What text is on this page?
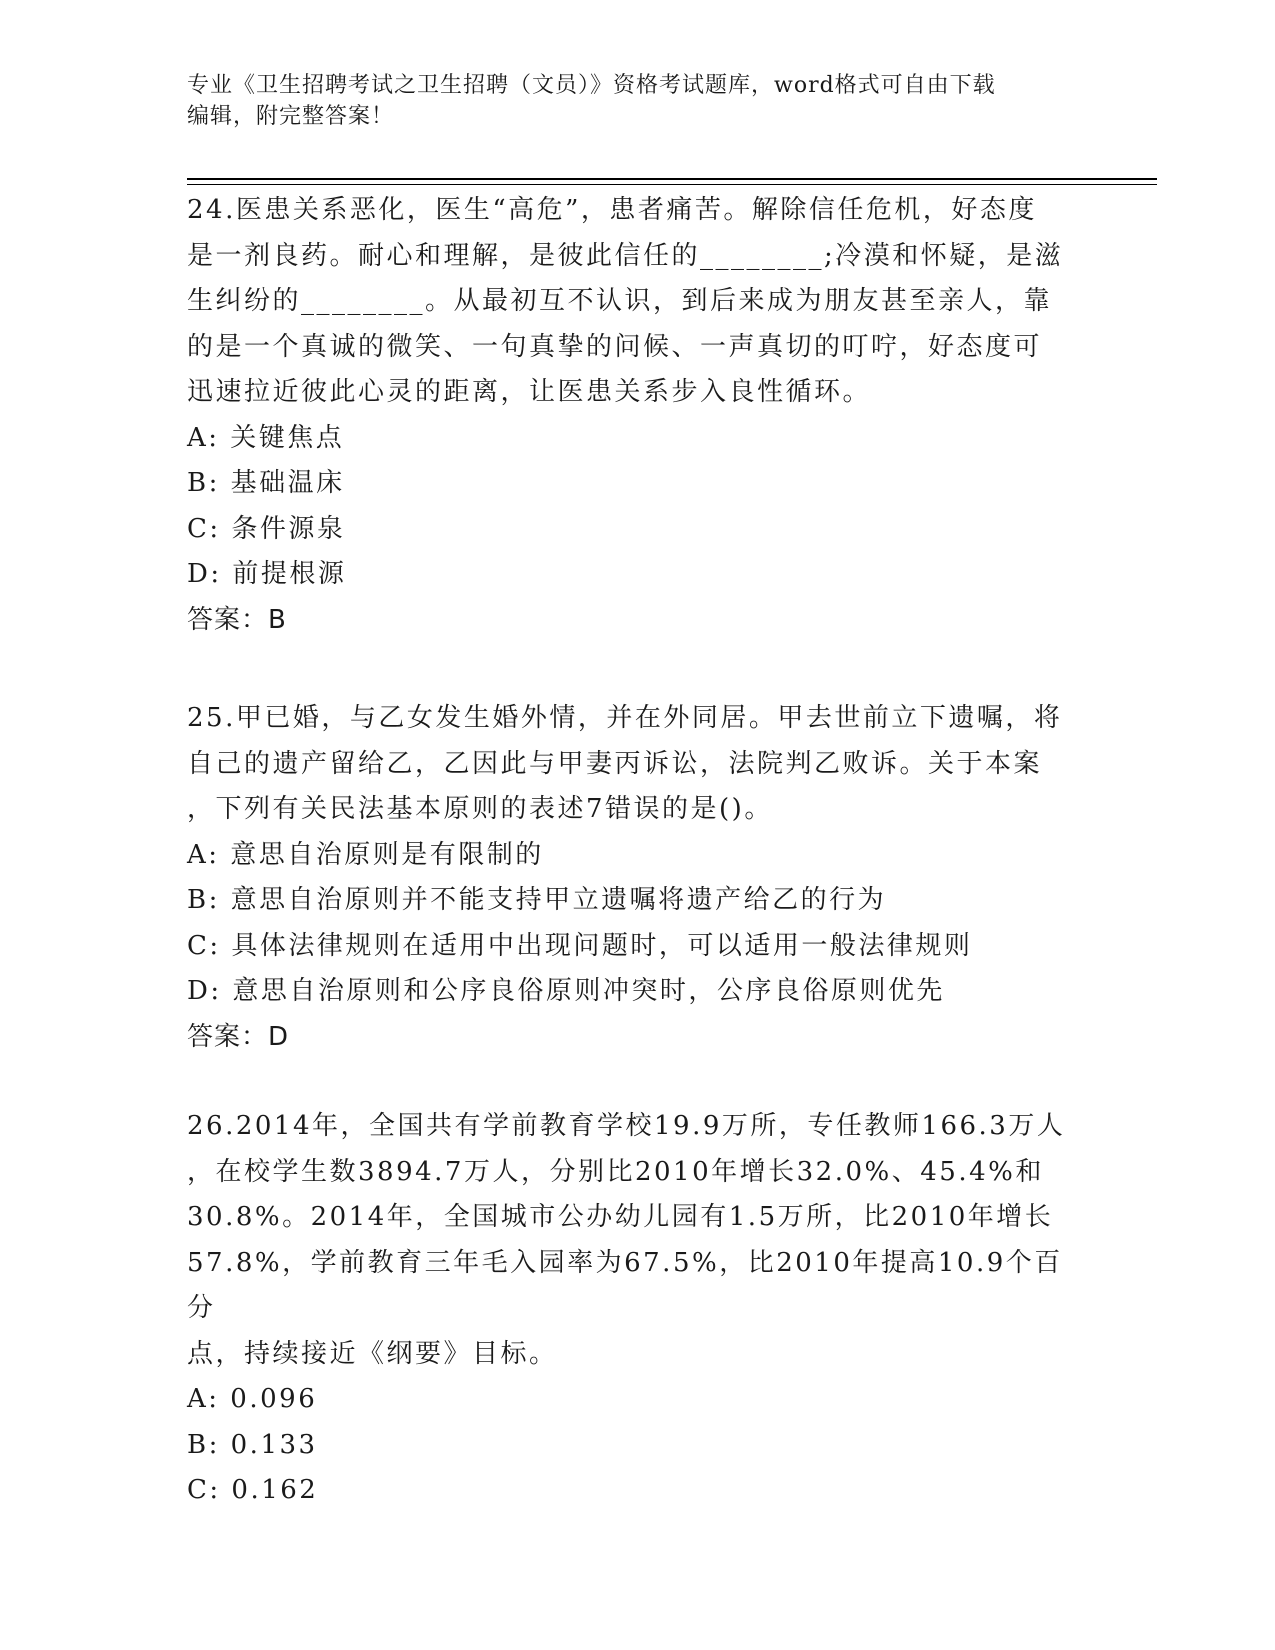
专业《卫生招聘考试之卫生招聘（文员）》资格考试题库，word格式可自由下载
编辑，附完整答案！
24.医患关系恶化，医生“高危”，患者痛苦。解除信任危机，好态度
是一剂良药。耐心和理解，是彼此信任的________;冷漠和怀疑，是滋
生纠纷的________。从最初互不认识，到后来成为朋友甚至亲人，靠
的是一个真诚的微笑、一句真挚的问候、一声真切的叮咛，好态度可
迅速拉近彼此心灵的距离，让医患关系步入良性循环。
A: 关键焦点
B: 基础温床
C: 条件源泉
D: 前提根源
答案：B
25.甲已婚，与乙女发生婚外情，并在外同居。甲去世前立下遗嘱，将
自己的遗产留给乙，乙因此与甲妻丙诉讼，法院判乙败诉。关于本案
，下列有关民法基本原则的表述7错误的是()。
A: 意思自治原则是有限制的
B: 意思自治原则并不能支持甲立遗嘱将遗产给乙的行为
C: 具体法律规则在适用中出现问题时，可以适用一般法律规则
D: 意思自治原则和公序良俗原则冲突时，公序良俗原则优先
答案：D
26.2014年，全国共有学前教育学校19.9万所，专任教师166.3万人
，在校学生数3894.7万人，分别比2010年增长32.0%、45.4%和
30.8%。2014年，全国城市公办幼儿园有1.5万所，比2010年增长
57.8%，学前教育三年毛入园率为67.5%，比2010年提高10.9个百分
点，持续接近《纲要》目标。
A: 0.096
B: 0.133
C: 0.162
